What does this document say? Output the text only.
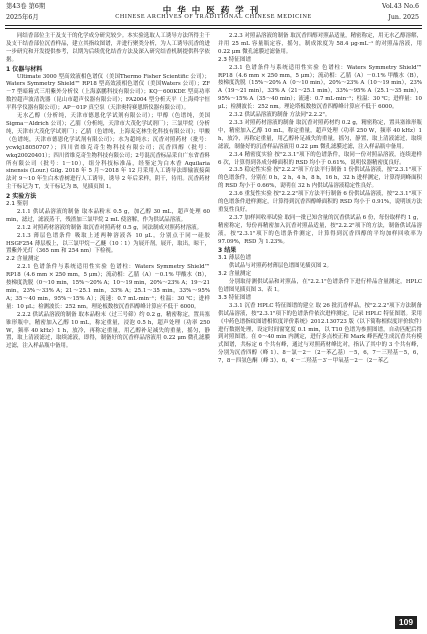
第43卷 第6期
2025年6月
中华中医药学刊
CHINESE ARCHIVES OF TRADITIONAL CHINESE MEDICINE
Vol.43 No.6
Jun. 2025

同结香部位主干及支干的化学成分研究较少。本实验选取人工诱导方法所得主干及支干结香部位沉香样品，建立其指纹图谱，并进行聚类分析，为人工诱导沉香的进一步研究和开发提供参考，以期为后续优化结香方法及深入研究结香机制提供科学依据。

1 仪器与材料

Ultimate 3000 型高效液相色谱仪（美国Thermo Fisher Scientific 公司）；Waters Symmetry Shield™ RP18 型高效液相色谱仪（美国Waters 公司）；ZF－7 型暗箱式三用紫外分析仪（上海嘉鹏科技有限公司）；KQ－600KDE 型高功率数控超声波清洗器（昆山市超声仪器有限公司）；FA2004 型分析天平（上海舜宇恒平科学仪器有限公司）；AP－01P 真空泵（天津奥特赛恩斯仪器有限公司）。

无水乙醇（分析纯，天津市德恩化学试剂有限公司）；甲醇（色谱纯，美国 Sigma－Aldrich 公司）；乙腈（分析纯，天津市大茂化学试剂厂）；三氯甲烷（分析纯，天津市大茂化学试剂厂）；乙腈（色谱纯，上海麦克林生化科技有限公司）；甲酸（色谱纯，天津市德恩化学试剂有限公司）；水为超纯水；沉香对照药材（批号：ycwkj18050707）；四川省维克奇生物科技有限公司；沉香四醇（批号：wkq20020401）；四川省维克奇生物科技有限公司；2号混沉香标品采自广东省香料所有限公司（批号：1－10），组分科技标准品，经鉴定为白木香 Aquilaria sinensis (Lour.) Gilg. 2018 年 5 月～2018 年 12 月采用人工诱导法即输液接菌法对 9～10 年生白木香树进行人工诱导，诱导 2 年后采样，阴干，待用。沉香药材主干标记为 T，支干标记为 B，见插页图 1。

2 实验方法
2.1 鉴别

2.1.1 供试品溶液的制备 取本品粉末 0.5 g，加乙醇 30 mL，超声处理 60 min，滤过，滤液蒸干，残渣加三氯甲烷 2 mL 使溶解，作为供试品溶液。

2.1.2 对照药材溶液的制备 取沉香对照药材 0.5 g，同法制成对照药材溶液。

2.1.3 薄层色谱条件 吸取上述两种溶液各 10 μL，分别点于同一硅胶 HSGF254 薄层板上，以三氯甲烷－乙醚（10∶1）为展开剂，展开，取出，晾干，置紫外光灯（365 nm 和 254 nm）下检视。

2.2 含量测定

2.2.1 色谱条件与系统适用性实验 色谱柱：Waters Symmetry Shield™ RP18（4.6 mm × 250 mm，5 μm）；流动相：乙腈（A）－0.1% 甲酸水（B），按梯度洗脱（0～10 min，15%～20% A；10～19 min，20%～23% A；19～21 min，23%～33% A；21～25.1 min，33% A；25.1～35 min，33%～95% A；35～40 min，95%～15% A）；流速：0.7 mL·min⁻¹；柱温：30 ℃；进样量：10 μL；检测波长：252 nm。理论板数按沉香四醇峰计算应不低于 6000。

2.2.2 供试品溶液的制备 取本品粉末（过三号筛）约 0.2 g，精密称定，置具塞锥形瓶中，精密加入乙醇 10 mL，称定重量，浸泡 0.5 h，超声处理（功率 250 W，频率 40 kHz）1 h，放冷，再称定重量，用乙醇补足减失的重量，摇匀，静置，取上清液滤过，取续滤液，即得，制备好的沉香样品溶液用 0.22 μm 微孔滤膜过滤，注入样品瓶中备用。

2.2.3 对照品溶液的制备 取沉香四醇对照品适量，精密称定，用无水乙醇溶解，并用 25 mL 容量瓶定容，摇匀，制成浓度为 58.4 μg·mL⁻¹ 的对照品溶液，用 0.22 μm 微孔滤膜过滤备用。

2.3 特征图谱

2.3.1 色谱条件与系统适用性实验 色谱柱：Waters Symmetry Shield™ RP18（4.6 mm × 250 mm，5 μm）；流动相：乙腈（A）－0.1% 甲酸水（B），按梯度洗脱（15%～20% A（0～10 min），20%～23% A（10～19 min），23% A（19～21 min），33% A（21～25.1 min），33%～95% A（25.1～35 min），95%～15% A（35～40 min）；流速：0.7 mL·min⁻¹；柱温：30 ℃；进样量：10 μL；检测波长：252 nm。理论塔板数按沉香四醇峰计算应不低于 6000。

2.3.2 供试品溶液的制备 方法同"2.2.2"。

2.3.3 对照药材溶液的制备 取沉香对照药材约 0.2 g，精密称定，置具塞锥形瓶中，精密加入乙醇 10 mL，称定重量，超声处理（功率 250 W，频率 40 kHz）1 h，放冷，再称定重量，用乙醇补足减失的重量，摇匀，静置，取上清液滤过，取续滤液，制备好的沉香样品溶液用 0.22 μm 微孔滤膜过滤，注入样品瓶中备用。

2.3.4 精密度实验 按"2.3.1"项下的色谱条件，取同一份对照品溶液，连续进样 6 次，计算得到各成分峰面积的 RSD 均小于 0.61%，说明仪器精密度良好。

2.3.5 稳定性实验 按"2.2.2"项下方法平行制备 1 份供试品溶液，按"2.3.1"项下的色谱条件，分别在 0 h，2 h，4 h，8 h，16 h，32 h 进样测定，计算得到峰面积的 RSD 均小于 0.66%，说明在 32 h 内供试品溶液稳定性良好。

2.3.6 重复性实验 按"2.2.2"项下方法平行制备 6 份供试品溶液，按"2.3.1"项下的色谱条件进样测定，计算得到沉香四醇峰面积的 RSD 均小于 0.91%，说明该方法重复性良好。

2.3.7 加样回收率试验 取同一批已知含量的沉香供试品 6 份，每份取样约 1 g，精密称定，每份再精密加入沉香对照品适量，按"2.2.2"项下的方法，制备供试品溶液，按"2.3.1"项下的色谱条件测定，计算得到沉香四醇的平均加样回收率为 97.09%，RSD 为 1.23%。

3 结果
3.1 薄层色谱

供试品与对照药材薄层色谱图见插页图 2。

3.2 含量测定

分别取待测供试品和对照品，在"2.2.1"色谱条件下进行样品含量测定，HPLC 色谱图见插页图 3、表 1。

3.3 特征图谱

3.3.1 沉香 HPLC 特征图谱的建立 取 26 批沉香样品，按"2.2.2"项下方法制备供试品溶液，按"2.3.1"项下的色谱条件依次进样测定，记录 HPLC 特征图谱。采用《中药色谱指纹图谱相似度评价系统》2012.130723 版（以下简称相似度评价软件）进行数据处理，设定时间窗宽度 0.1 min，以 T10 色谱为参照图谱，自动匹配后得到对照图谱。在 0～40 min 内测定，进行多点校正和 Mark 峰匹配生成沉香共有模式图谱，共标定 6 个共有峰，通过与对照药材峰比对，指认了其中的 3 个共有峰，分别为沉香四醇（峰 1）、8－氯－2－（2－苯乙基）－5，6，7－三羟基－5，6，7，8－四氢色酮（峰 3）、6，4′－二羟基－3′－甲氧基－2－（2－苯乙

109
